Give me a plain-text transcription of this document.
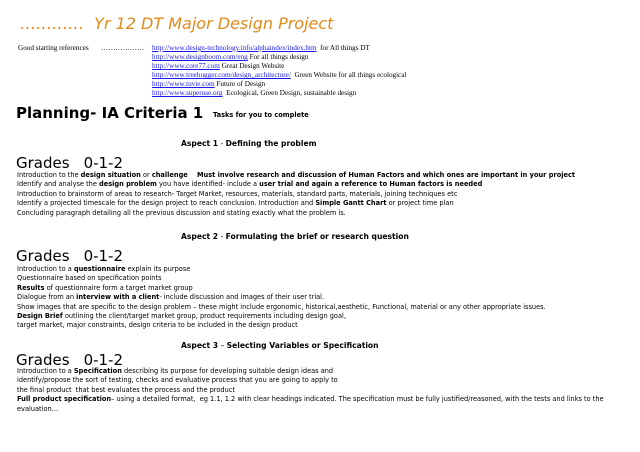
………… Yr 12 DT Major Design Project
Good starting references ……………… http://www.design-technology.info/alphaindex/index.htm  for All things DT
http://www.designboom.com/eng For all things design
http://www.core77.com Great Design Website
http://www.treehugger.com/design_architecture/  Green Website for all things ecological
http://www.tuvie.com Future of Design
http://www.superuse.org  Ecological, Green Design, sustainable design
Planning- IA Criteria 1 Tasks for you to complete
Aspect 1 - Defining the problem
Grades 0-1-2
Introduction to the design situation or challenge    Must involve research and discussion of Human Factors and which ones are important in your project
Identify and analyse the design problem you have identified- include a user trial and again a reference to Human factors is needed
Introduction to brainstorm of areas to research- Target Market, resources, materials, standard parts, materials, joining techniques etc
Identify a projected timescale for the design project to reach conclusion. Introduction and Simple Gantt Chart or project time plan
Concluding paragraph detailing all the previous discussion and stating exactly what the problem is.
Aspect 2 - Formulating the brief or research question
Grades 0-1-2
Introduction to a questionnaire explain its purpose
Questionnaire based on specification points
Results of questionnaire form a target market group
Dialogue from an interview with a client- include discussion and images of their user trial.
Show images that are specific to the design problem – these might include ergonomic, historical,aesthetic, Functional, material or any other appropriate issues.
Design Brief outlining the client/target market group, product requirements including design goal,
target market, major constraints, design criteria to be included in the design product
Aspect 3 – Selecting Variables or Specification
Grades 0-1-2
Introduction to a Specification describing its purpose for developing suitable design ideas and
identify/propose the sort of testing, checks and evaluative process that you are going to apply to
the final product  that best evaluates the process and the product
Full product specification– using a detailed format,  eg 1.1, 1.2 with clear headings indicated. The specification must be fully justified/reasoned, with the tests and links to the evaluation…
